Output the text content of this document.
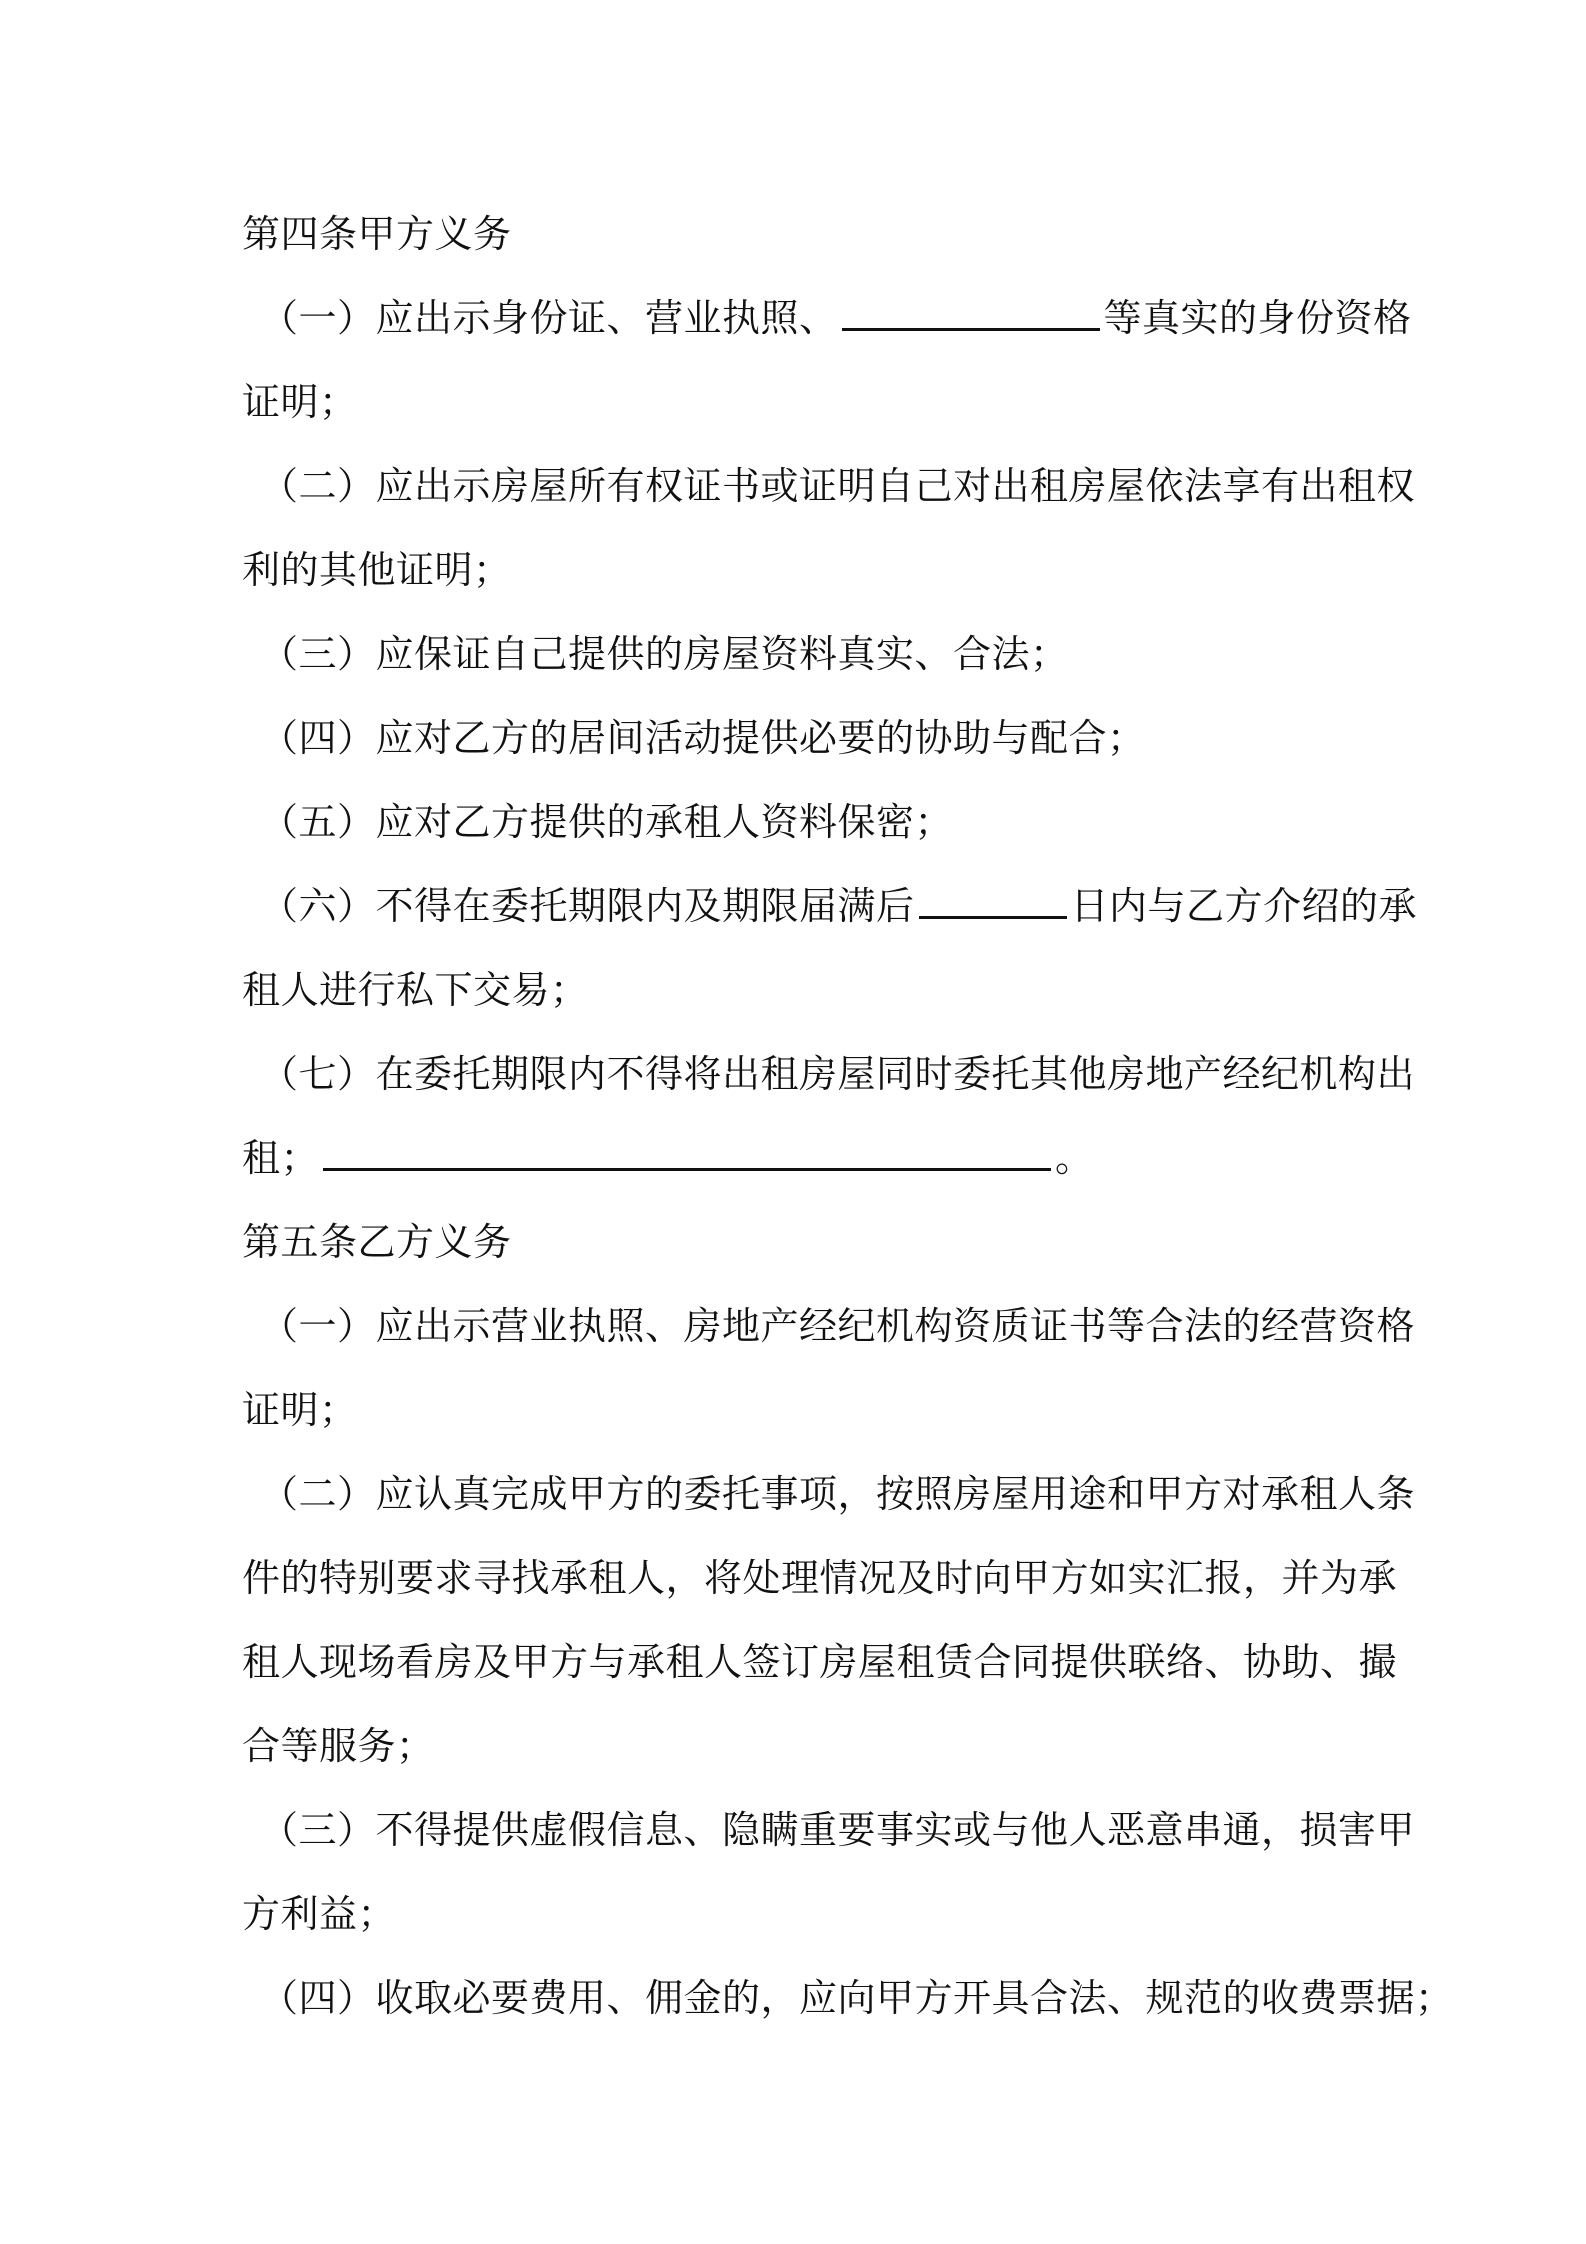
第四条甲方义务
（一）应出示身份证、营业执照、	等真实的身份资格
证明；
（二）应出示房屋所有权证书或证明自己对出租房屋依法享有出租权
利的其他证明；
（三）应保证自己提供的房屋资料真实、合法；
（四）应对乙方的居间活动提供必要的协助与配合；
（五）应对乙方提供的承租人资料保密；
（六）不得在委托期限内及期限届满后	日内与乙方介绍的承
租人进行私下交易；
（七）在委托期限内不得将出租房屋同时委托其他房地产经纪机构出
租；	。
第五条乙方义务
（一）应出示营业执照、房地产经纪机构资质证书等合法的经营资格
证明；
（二）应认真完成甲方的委托事项，按照房屋用途和甲方对承租人条
件的特别要求寻找承租人，将处理情况及时向甲方如实汇报，并为承
租人现场看房及甲方与承租人签订房屋租赁合同提供联络、协助、撮
合等服务；
（三）不得提供虚假信息、隐瞒重要事实或与他人恶意串通，损害甲
方利益；
（四）收取必要费用、佣金的，应向甲方开具合法、规范的收费票据；
